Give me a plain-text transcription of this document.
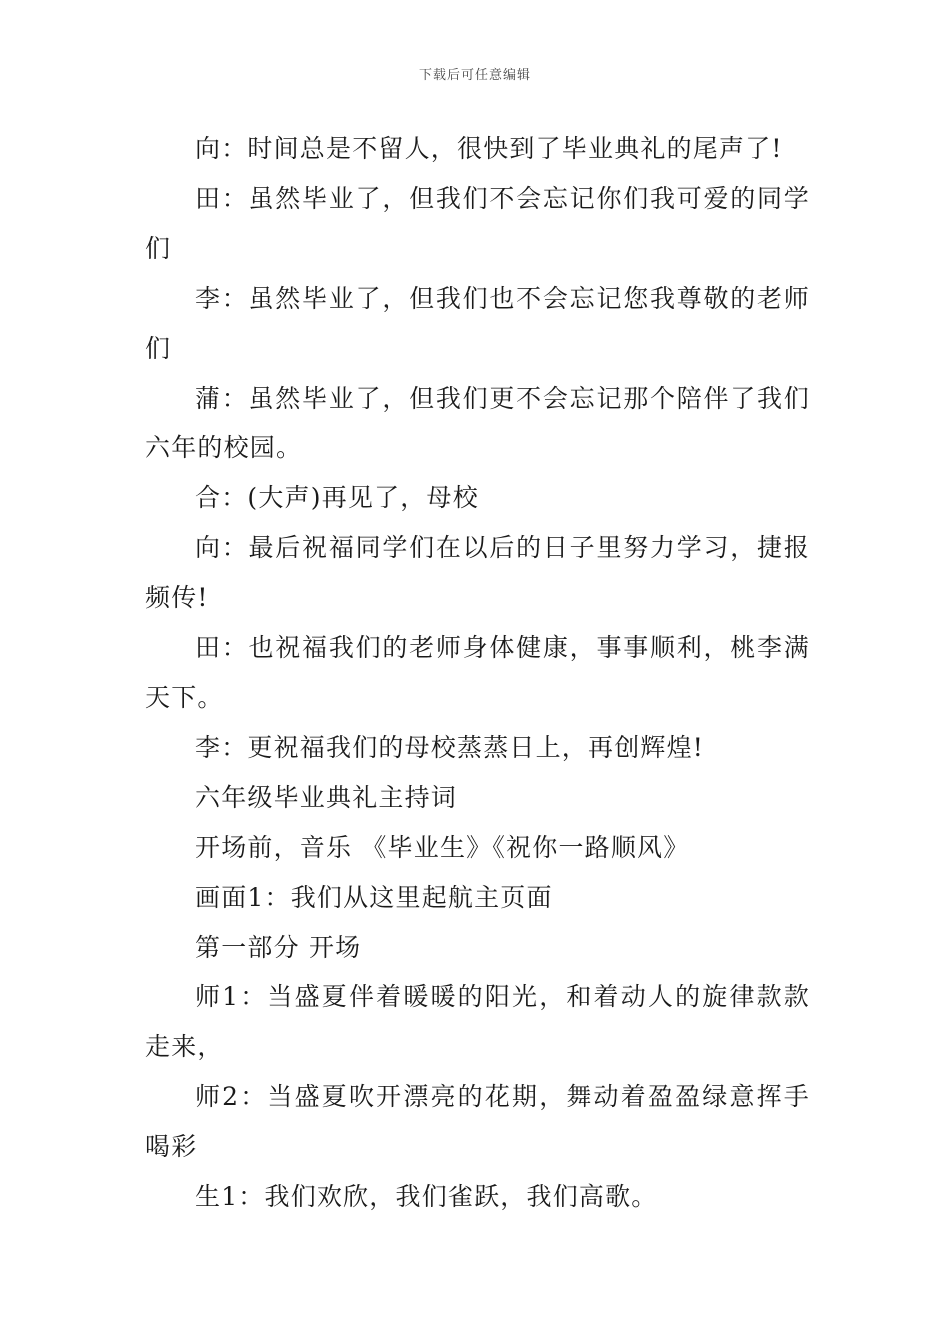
下载后可任意编辑

向：时间总是不留人，很快到了毕业典礼的尾声了!

田：虽然毕业了，但我们不会忘记你们我可爱的同学们

李：虽然毕业了，但我们也不会忘记您我尊敬的老师们

蒲：虽然毕业了，但我们更不会忘记那个陪伴了我们六年的校园。

合：(大声)再见了，母校

向：最后祝福同学们在以后的日子里努力学习，捷报频传!

田：也祝福我们的老师身体健康，事事顺利，桃李满天下。

李：更祝福我们的母校蒸蒸日上，再创辉煌!

六年级毕业典礼主持词

开场前，音乐 《毕业生》《祝你一路顺风》

画面1：我们从这里起航主页面

第一部分 开场

师1：当盛夏伴着暖暖的阳光，和着动人的旋律款款走来，

师2：当盛夏吹开漂亮的花期，舞动着盈盈绿意挥手喝彩

生1：我们欢欣，我们雀跃，我们高歌。
